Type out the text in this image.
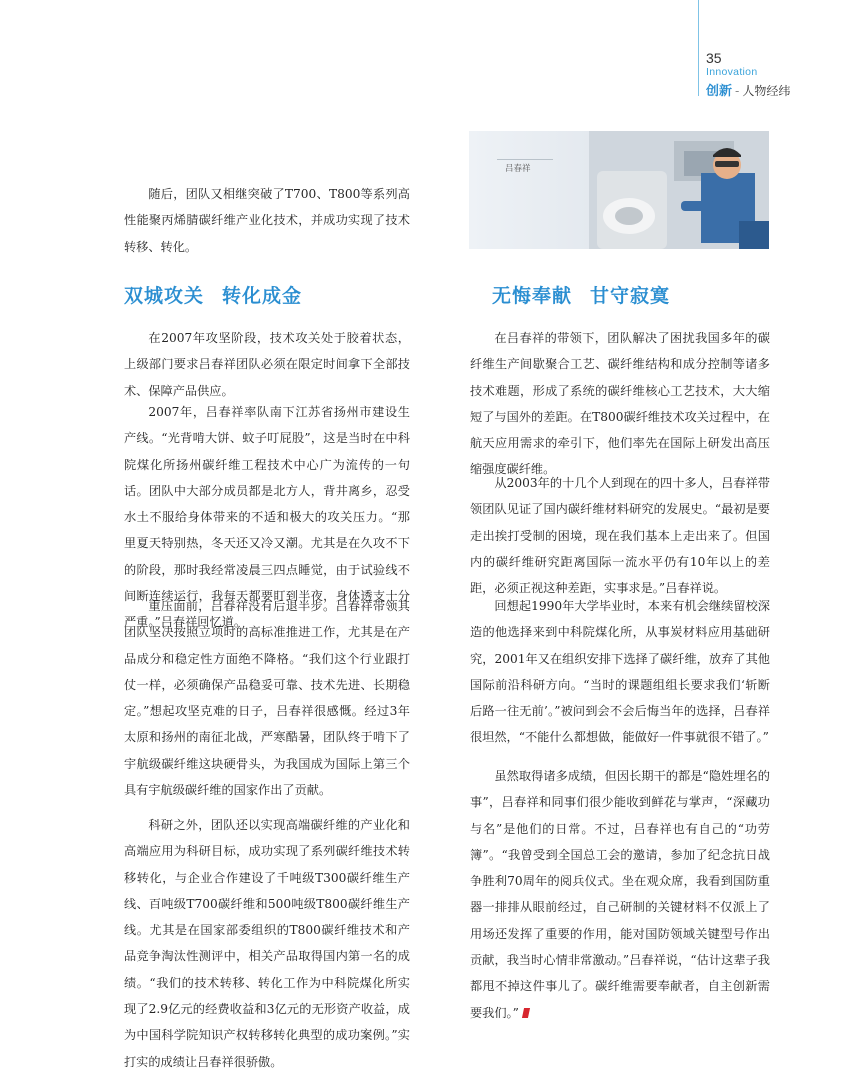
35
Innovation
创新 - 人物经纬
吕春祥

随后，团队又相继突破了T700、T800等系列高性能聚丙烯腈碳纤维产业化技术，并成功实现了技术转移、转化。

双城攻关 转化成金

在2007年攻坚阶段，技术攻关处于胶着状态，上级部门要求吕春祥团队必须在限定时间拿下全部技术、保障产品供应。

2007年，吕春祥率队南下江苏省扬州市建设生产线。“光背啃大饼、蚊子叮屁股”，这是当时在中科院煤化所扬州碳纤维工程技术中心广为流传的一句话。团队中大部分成员都是北方人，背井离乡，忍受水土不服给身体带来的不适和极大的攻关压力。“那里夏天特别热，冬天还又冷又潮。尤其是在久攻不下的阶段，那时我经常凌晨三四点睡觉，由于试验线不间断连续运行，我每天都要盯到半夜，身体透支十分严重。”吕春祥回忆道。

重压面前，吕春祥没有后退半步。吕春祥带领其团队坚决按照立项时的高标准推进工作，尤其是在产品成分和稳定性方面绝不降格。“我们这个行业跟打仗一样，必须确保产品稳妥可靠、技术先进、长期稳定。”想起攻坚克难的日子，吕春祥很感慨。经过3年太原和扬州的南征北战，严寒酷暑，团队终于啃下了宇航级碳纤维这块硬骨头，为我国成为国际上第三个具有宇航级碳纤维的国家作出了贡献。

科研之外，团队还以实现高端碳纤维的产业化和高端应用为科研目标，成功实现了系列碳纤维技术转移转化，与企业合作建设了千吨级T300碳纤维生产线、百吨级T700碳纤维和500吨级T800碳纤维生产线。尤其是在国家部委组织的T800碳纤维技术和产品竞争淘汰性测评中，相关产品取得国内第一名的成绩。“我们的技术转移、转化工作为中科院煤化所实现了2.9亿元的经费收益和3亿元的无形资产收益，成为中国科学院知识产权转移转化典型的成功案例。”实打实的成绩让吕春祥很骄傲。

无悔奉献 甘守寂寞

在吕春祥的带领下，团队解决了困扰我国多年的碳纤维生产间歇聚合工艺、碳纤维结构和成分控制等诸多技术难题，形成了系统的碳纤维核心工艺技术，大大缩短了与国外的差距。在T800碳纤维技术攻关过程中，在航天应用需求的牵引下，他们率先在国际上研发出高压缩强度碳纤维。

从2003年的十几个人到现在的四十多人，吕春祥带领团队见证了国内碳纤维材料研究的发展史。“最初是要走出挨打受制的困境，现在我们基本上走出来了。但国内的碳纤维研究距离国际一流水平仍有10年以上的差距，必须正视这种差距，实事求是。”吕春祥说。

回想起1990年大学毕业时，本来有机会继续留校深造的他选择来到中科院煤化所，从事炭材料应用基础研究，2001年又在组织安排下选择了碳纤维，放弃了其他国际前沿科研方向。“当时的课题组组长要求我们‘斩断后路一往无前’。”被问到会不会后悔当年的选择，吕春祥很坦然，“不能什么都想做，能做好一件事就很不错了。”

虽然取得诸多成绩，但因长期干的都是“隐姓埋名的事”，吕春祥和同事们很少能收到鲜花与掌声，“深藏功与名”是他们的日常。不过，吕春祥也有自己的“功劳簿”。“我曾受到全国总工会的邀请，参加了纪念抗日战争胜利70周年的阅兵仪式。坐在观众席，我看到国防重器一排排从眼前经过，自己研制的关键材料不仅派上了用场还发挥了重要的作用，能对国防领域关键型号作出贡献，我当时心情非常激动。”吕春祥说，“估计这辈子我都甩不掉这件事儿了。碳纤维需要奉献者，自主创新需要我们。”
